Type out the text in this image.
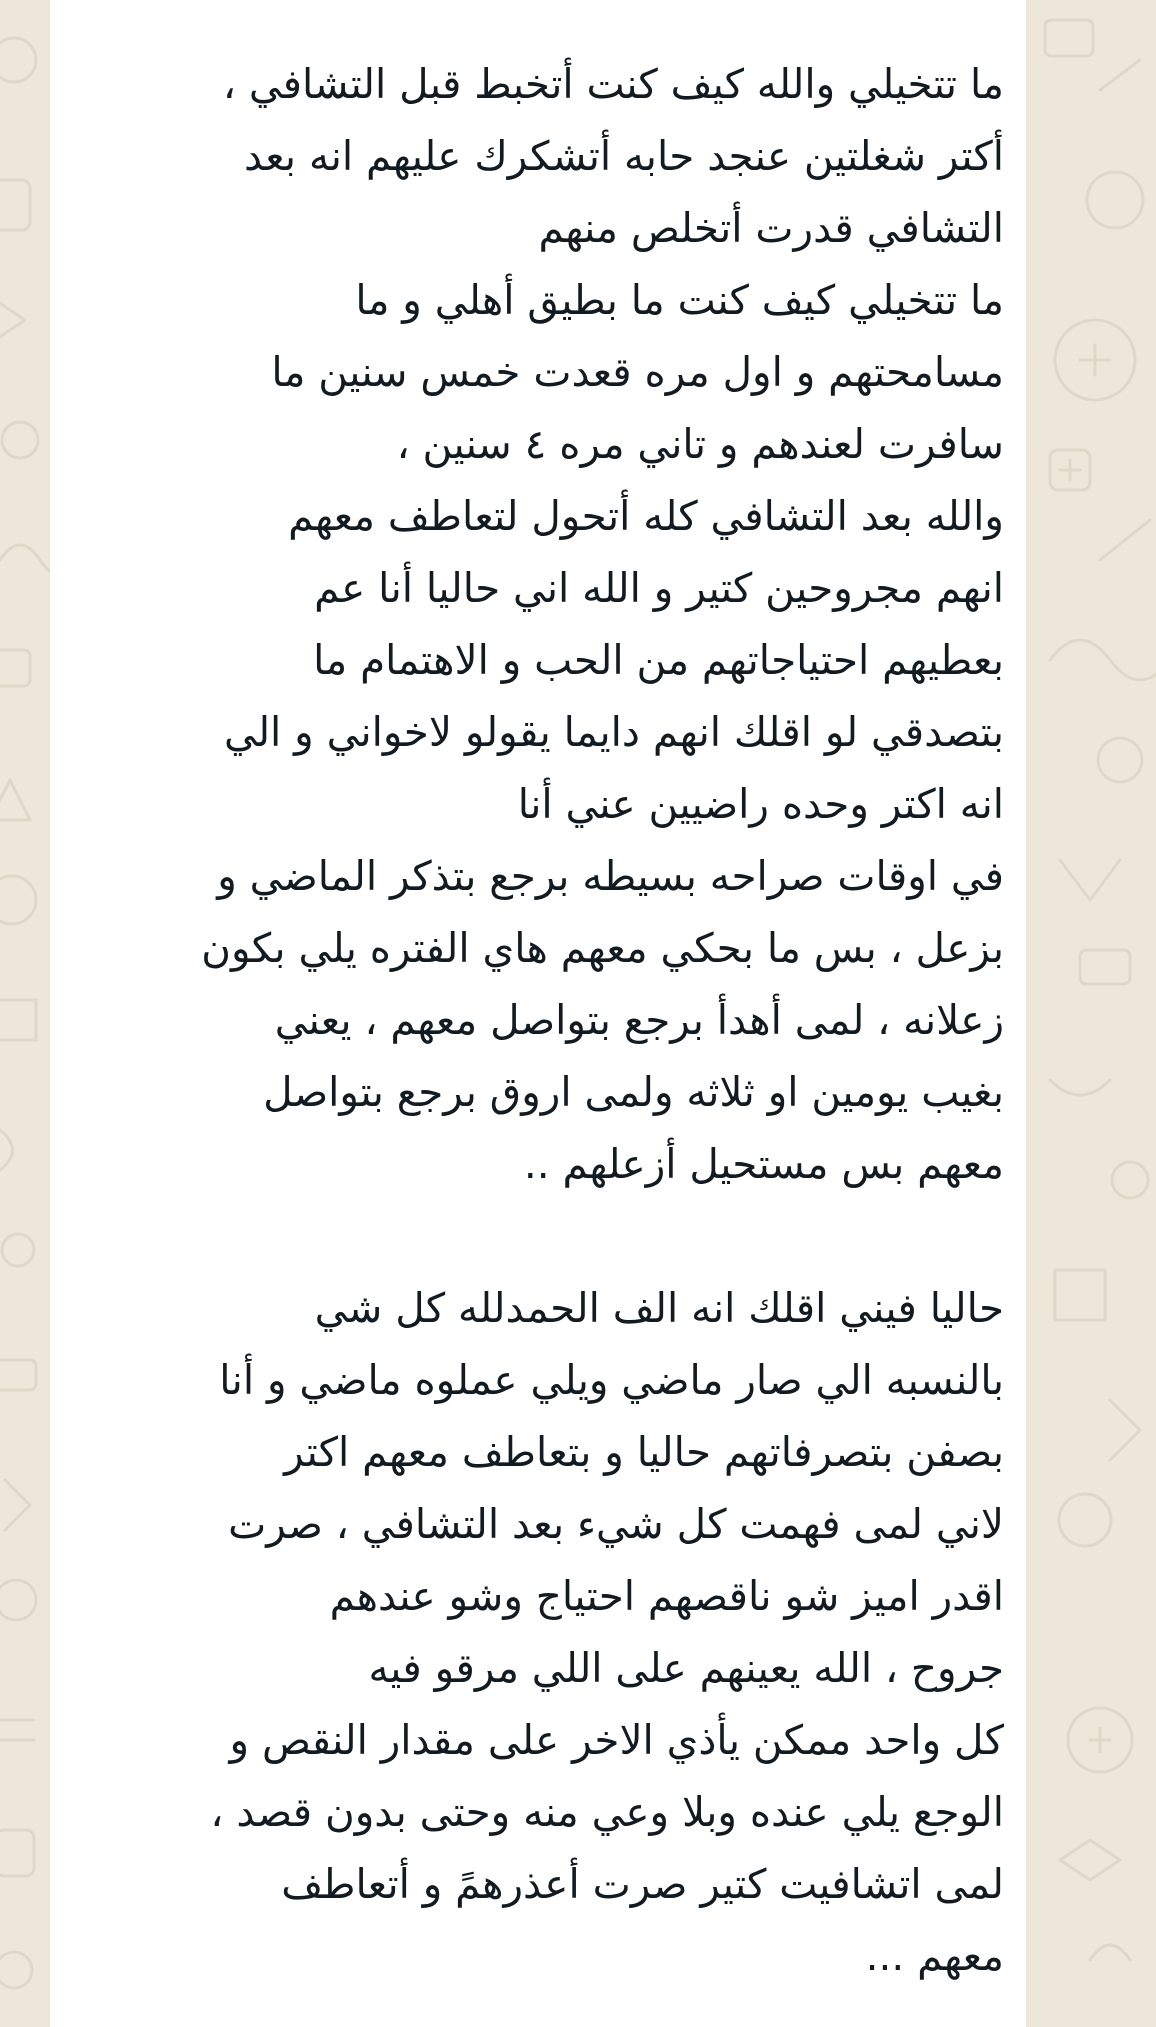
ما تتخيلي والله كيف كنت أتخبط قبل التشافي ،
أكتر شغلتين عنجد حابه أتشكرك عليهم انه بعد
التشافي قدرت أتخلص منهم
ما تتخيلي كيف كنت ما بطيق أهلي و ما
مسامحتهم و اول مره قعدت خمس سنين ما
سافرت لعندهم و تاني مره ٤ سنين ،
والله بعد التشافي كله أتحول لتعاطف معهم
انهم مجروحين كتير و الله اني حاليا أنا عم
بعطيهم احتياجاتهم من الحب و الاهتمام ما
بتصدقي لو اقلك انهم دايما يقولو لاخواني و الي
انه اكتر وحده راضيين عني أنا
في اوقات صراحه بسيطه برجع بتذكر الماضي و
بزعل ، بس ما بحكي معهم هاي الفتره يلي بكون
زعلانه ، لمى أهدأ برجع بتواصل معهم ، يعني
بغيب يومين او ثلاثه ولمى اروق برجع بتواصل
معهم بس مستحيل أزعلهم ..
حاليا فيني اقلك انه الف الحمدلله كل شي
بالنسبه الي صار ماضي ويلي عملوه ماضي و أنا
بصفن بتصرفاتهم حاليا و بتعاطف معهم اكتر
لاني لمى فهمت كل شيء بعد التشافي ، صرت
اقدر اميز شو ناقصهم احتياج وشو عندهم
جروح ، الله يعينهم على اللي مرقو فيه
كل واحد ممكن يأذي الاخر على مقدار النقص و
الوجع يلي عنده وبلا وعي منه وحتى بدون قصد ،
لمى اتشافيت كتير صرت أعذرهمً و أتعاطف
معهم ...
